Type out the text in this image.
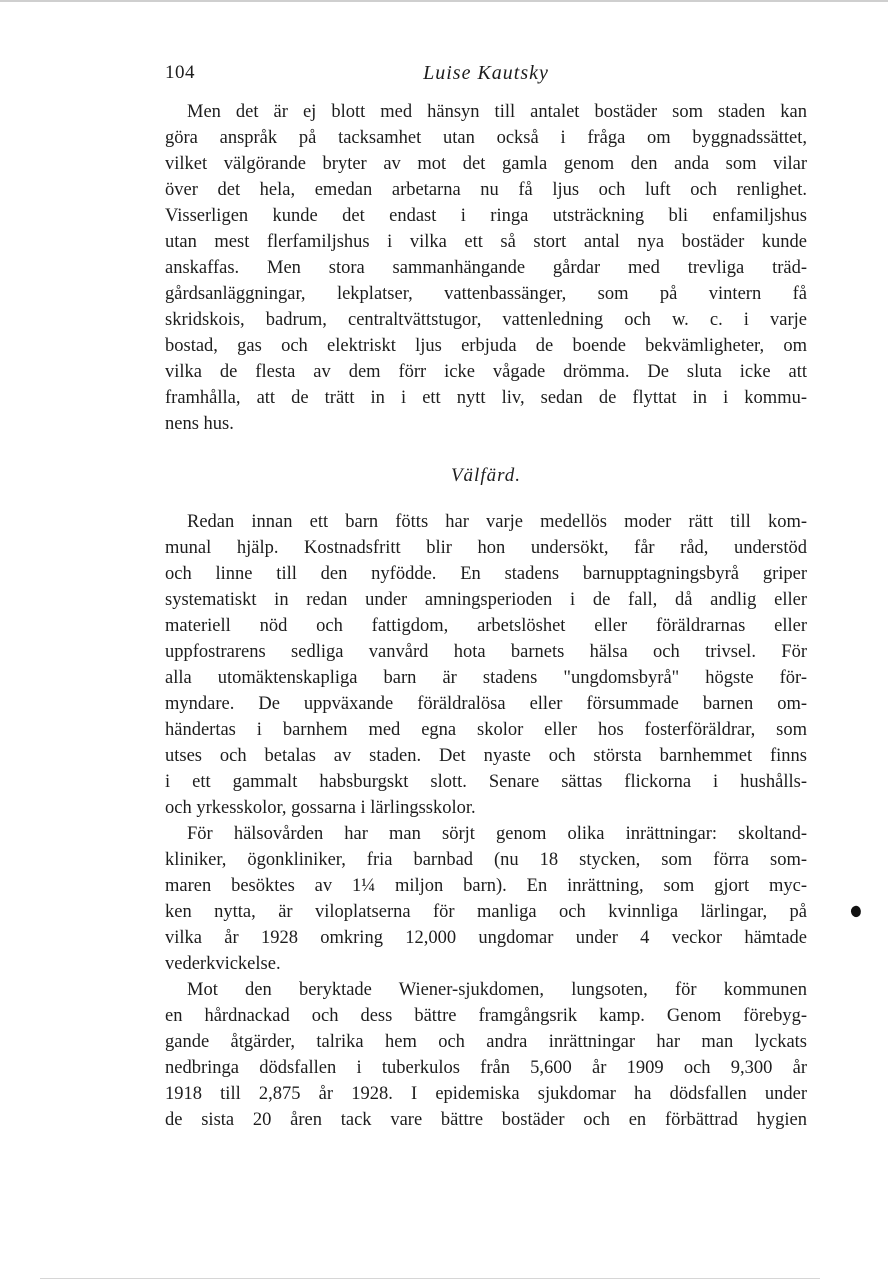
104	Luise Kautsky
Men det är ej blott med hänsyn till antalet bostäder som staden kan
göra anspråk på tacksamhet utan också i fråga om byggnadssättet,
vilket välgörande bryter av mot det gamla genom den anda som vilar
över det hela, emedan arbetarna nu få ljus och luft och renlighet.
Visserligen kunde det endast i ringa utsträckning bli enfamiljshus
utan mest flerfamiljshus i vilka ett så stort antal nya bostäder kunde
anskaffas. Men stora sammanhängande gårdar med trevliga träd-
gårdsanläggningar, lekplatser, vattenbassänger, som på vintern få
skridskois, badrum, centraltvättstugor, vattenledning och w. c. i varje
bostad, gas och elektriskt ljus erbjuda de boende bekvämligheter, om
vilka de flesta av dem förr icke vågade drömma. De sluta icke att
framhålla, att de trätt in i ett nytt liv, sedan de flyttat in i kommu-
nens hus.
Välfärd.
Redan innan ett barn fötts har varje medellös moder rätt till kom-
munal hjälp. Kostnadsfritt blir hon undersökt, får råd, understöd
och linne till den nyfödde. En stadens barnupptagningsbyrå griper
systematiskt in redan under amningsperioden i de fall, då andlig eller
materiell nöd och fattigdom, arbetslöshet eller föräldrarnas eller
uppfostrarens sedliga vanvård hota barnets hälsa och trivsel. För
alla utomäktenskapliga barn är stadens "ungdomsbyrå" högste för-
myndare. De uppväxande föräldralösa eller försummade barnen om-
händertas i barnhem med egna skolor eller hos fosterföräldrar, som
utses och betalas av staden. Det nyaste och största barnhemmet finns
i ett gammalt habsburgskt slott. Senare sättas flickorna i hushålls-
och yrkesskolor, gossarna i lärlingsskolor.
För hälsovården har man sörjt genom olika inrättningar: skoltand-
kliniker, ögonkliniker, fria barnbad (nu 18 stycken, som förra som-
maren besöktes av 1¼ miljon barn). En inrättning, som gjort myc-
ken nytta, är viloplatserna för manliga och kvinnliga lärlingar, på
vilka år 1928 omkring 12,000 ungdomar under 4 veckor hämtade
vederkvickelse.
Mot den beryktade Wiener-sjukdomen, lungsoten, för kommunen
en hårdnackad och dess bättre framgångsrik kamp. Genom förebyg-
gande åtgärder, talrika hem och andra inrättningar har man lyckats
nedbringa dödsfallen i tuberkulos från 5,600 år 1909 och 9,300 år
1918 till 2,875 år 1928. I epidemiska sjukdomar ha dödsfallen under
de sista 20 åren tack vare bättre bostäder och en förbättrad hygien
